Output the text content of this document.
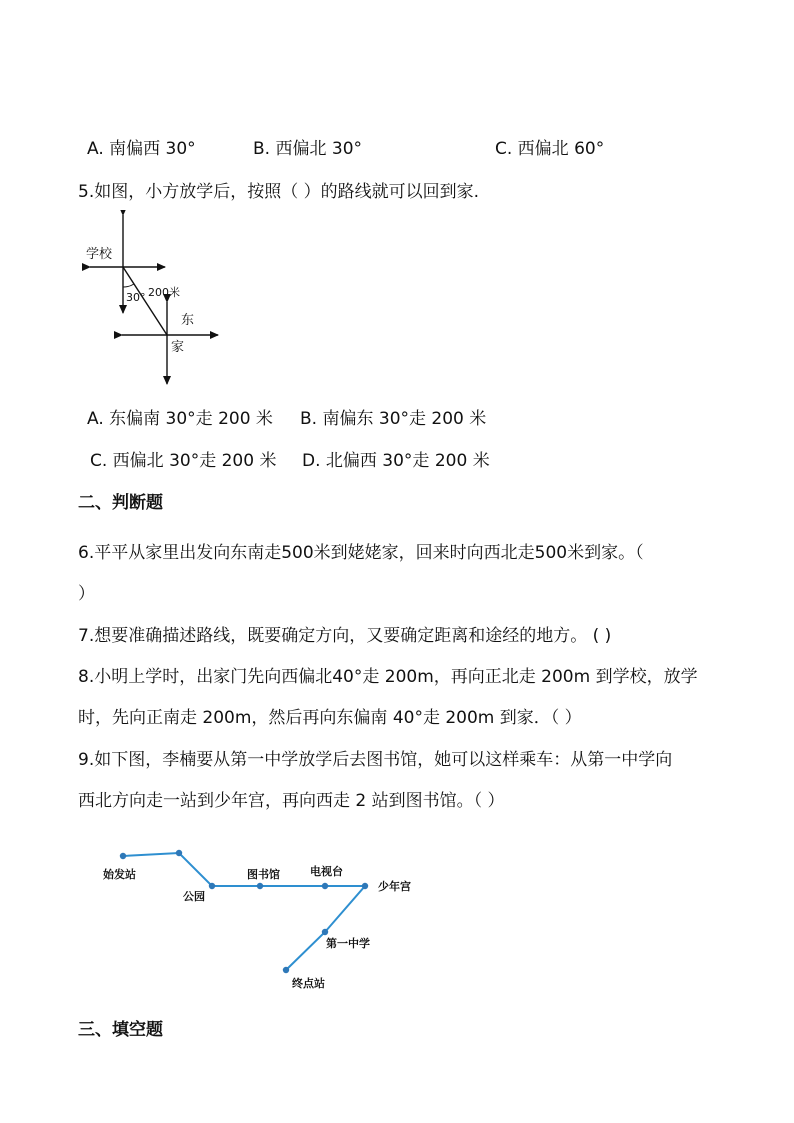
A. 南偏西 30°	B. 西偏北 30°	C. 西偏北 60°
5.如图，小方放学后，按照（ ）的路线就可以回到家.
学校
30° 200米
东
家
A. 东偏南 30°走 200 米 B. 南偏东 30°走 200 米
C. 西偏北 30°走 200 米 D. 北偏西 30°走 200 米
二、判断题
6.平平从家里出发向东南走500米到姥姥家，回来时向西北走500米到家。（
）
7.想要准确描述路线，既要确定方向，又要确定距离和途经的地方。 ( )
8.小明上学时，出家门先向西偏北40°走 200m，再向正北走 200m 到学校，放学
时，先向正南走 200m，然后再向东偏南 40°走 200m 到家．（ ）
9.如下图，李楠要从第一中学放学后去图书馆，她可以这样乘车：从第一中学向
西北方向走一站到少年宫，再向西走 2 站到图书馆。（ ）
始发站
公园
图书馆	电视台
少年宫
第一中学
终点站
三、填空题
